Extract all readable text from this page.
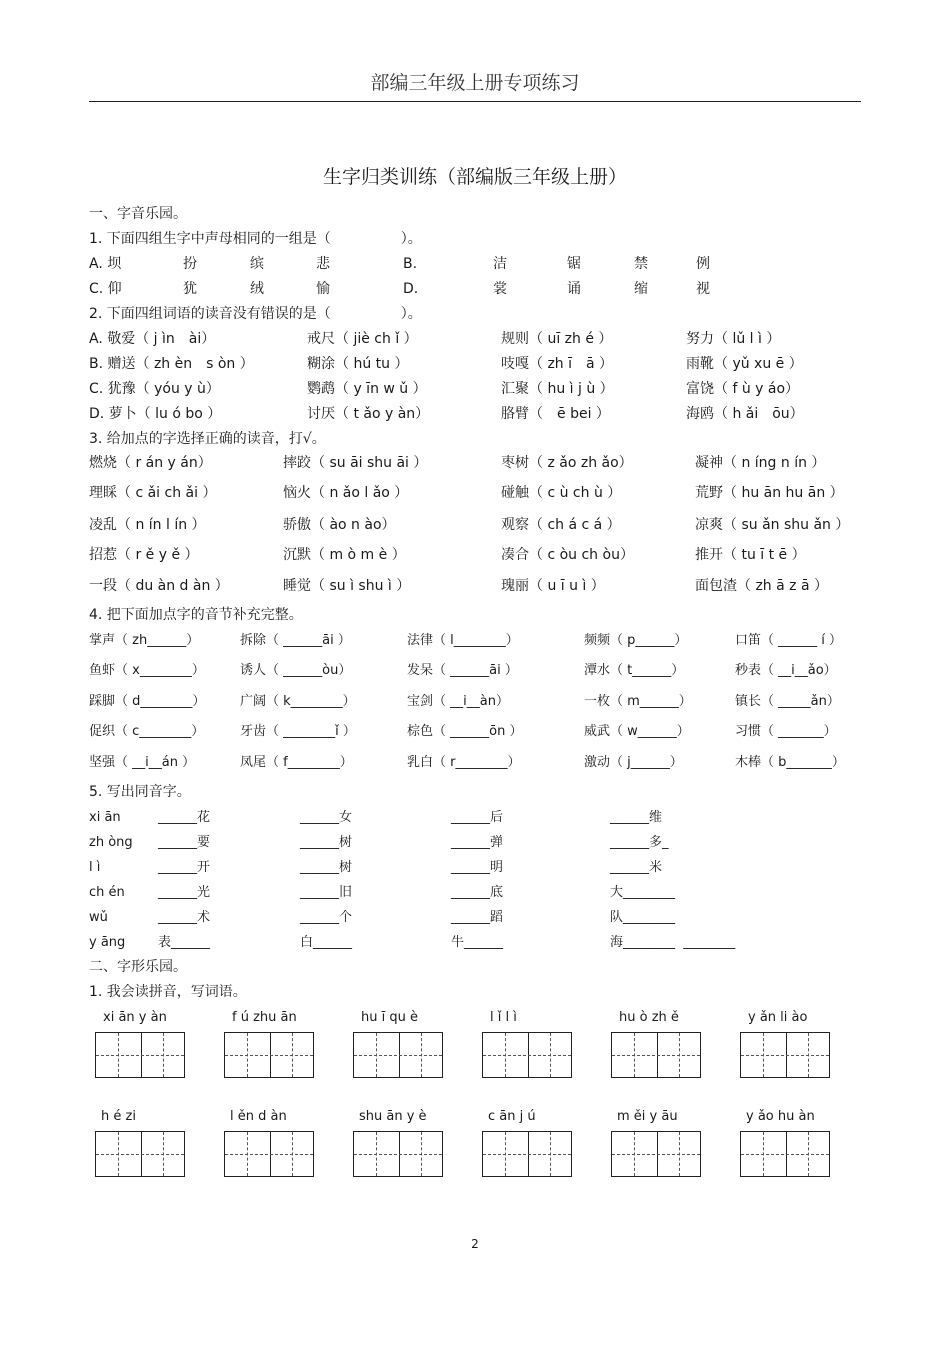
部编三年级上册专项练习
生字归类训练（部编版三年级上册）
一、字音乐园。
1. 下面四组生字中声母相同的一组是（　　　　　）。
A. 坝	扮	缤	悲	B.	洁	锯	禁	例
C. 仰	犹	绒	愉	D.	裳	诵	缩	视
2. 下面四组词语的读音没有错误的是（　　　　　）。
A. 敬爱（ j ìn　ài）	戒尺（ jiè ch ǐ ）	规则（ uī zh é ）	努力（ lǔ l ì ）
B. 赠送（ zh èn　s òn ）	糊涂（ hú tu ）	吱嘎（ zh ī　ā ）	雨靴（ yǔ xu ē ）
C. 犹豫（ yóu y ù）	鹦鹉（ y īn w ǔ ）	汇聚（ hu ì j ù ）	富饶（ f ù y áo）
D. 萝卜（ lu ó bo ）	讨厌（ t ǎo y àn）	胳臂（　ē bei ）	海鸥（ h ǎi　ōu）
3. 给加点的字选择正确的读音，打√。
燃烧（ r án y án）	摔跤（ su āi shu āi ）	枣树（ z ǎo zh ǎo）	凝神（ n íng n ín ）
理睬（ c ǎi ch ǎi ）	恼火（ n ǎo l ǎo ）	碰触（ c ù ch ù ）	荒野（ hu ān hu ān ）
凌乱（ n ín l ín ）	骄傲（ ào n ào）	观察（ ch á c á ）	凉爽（ su ǎn shu ǎn ）
招惹（ r ě y ě ）	沉默（ m ò m è ）	凑合（ c òu ch òu）	推开（ tu ī t ē ）
一段（ du àn d àn ）	睡觉（ su ì shu ì ）	瑰丽（ u ī u ì ）	面包渣（ zh ā z ā ）
4. 把下面加点字的音节补充完整。
掌声（ zh______）	拆除（ ______āi ）	法律（ l________）	频频（ p______）	口笛（ ______ í ）
鱼虾（ x________）	诱人（ ______òu）	发呆（ ______āi ）	潭水（ t______）	秒表（ __i__ǎo）
踩脚（ d________）	广阔（ k________）	宝剑（ __i__àn）	一枚（ m______）	镇长（ _____ǎn）
促织（ c________）	牙齿（ ________ǐ ）	棕色（ ______ōn ）	威武（ w______）	习惯（ _______）
坚强（ __i__án ）	凤尾（ f________）	乳白（ r________）	激动（ j______）	木棒（ b_______）
5. 写出同音字。
xi ān	______花	______女	______后	______维
zh òng ______要	______树	______弹	______多_
l ì	______开	______树	______明	______米
ch én	______光	______旧	______底	大________
wǔ	______术	______个	______蹈	队________
y āng	表______	白______	牛______	海________  ________
二、字形乐园。
1. 我会读拼音，写词语。
xi ān y àn	f ú zhu ān	hu ī qu è	l ǐ l ì	hu ò zh ě	y ǎn li ào
h é zi	l ěn d àn	shu ān y è	c ān j ú	m ěi y āu	y ǎo hu àn
2
